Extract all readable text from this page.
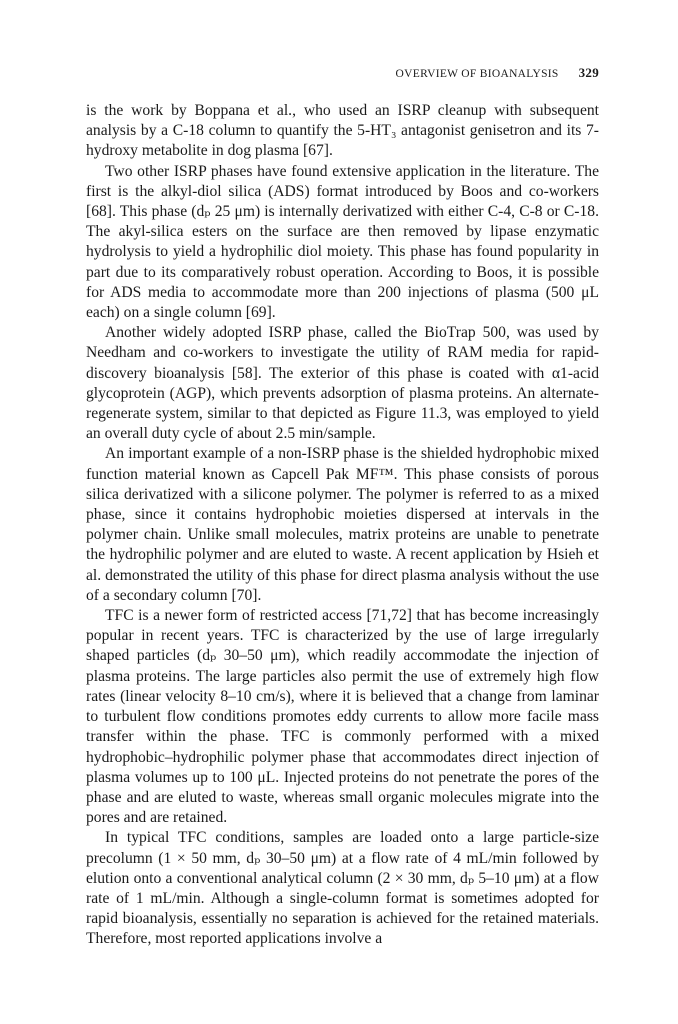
OVERVIEW OF BIOANALYSIS 329

is the work by Boppana et al., who used an ISRP cleanup with subsequent analysis by a C-18 column to quantify the 5-HT₃ antagonist genisetron and its 7-hydroxy metabolite in dog plasma [67].

Two other ISRP phases have found extensive application in the literature. The first is the alkyl-diol silica (ADS) format introduced by Boos and co-workers [68]. This phase (dₚ 25 μm) is internally derivatized with either C-4, C-8 or C-18. The akyl-silica esters on the surface are then removed by lipase enzymatic hydrolysis to yield a hydrophilic diol moiety. This phase has found popularity in part due to its comparatively robust operation. According to Boos, it is possible for ADS media to accommodate more than 200 injections of plasma (500 μL each) on a single column [69].

Another widely adopted ISRP phase, called the BioTrap 500, was used by Needham and co-workers to investigate the utility of RAM media for rapid-discovery bioanalysis [58]. The exterior of this phase is coated with α1-acid glycoprotein (AGP), which prevents adsorption of plasma proteins. An alternate-regenerate system, similar to that depicted as Figure 11.3, was employed to yield an overall duty cycle of about 2.5 min/sample.

An important example of a non-ISRP phase is the shielded hydrophobic mixed function material known as Capcell Pak MF™. This phase consists of porous silica derivatized with a silicone polymer. The polymer is referred to as a mixed phase, since it contains hydrophobic moieties dispersed at intervals in the polymer chain. Unlike small molecules, matrix proteins are unable to penetrate the hydrophilic polymer and are eluted to waste. A recent application by Hsieh et al. demonstrated the utility of this phase for direct plasma analysis without the use of a secondary column [70].

TFC is a newer form of restricted access [71,72] that has become increasingly popular in recent years. TFC is characterized by the use of large irregularly shaped particles (dₚ 30–50 μm), which readily accommodate the injection of plasma proteins. The large particles also permit the use of extremely high flow rates (linear velocity 8–10 cm/s), where it is believed that a change from laminar to turbulent flow conditions promotes eddy currents to allow more facile mass transfer within the phase. TFC is commonly performed with a mixed hydrophobic–hydrophilic polymer phase that accommodates direct injection of plasma volumes up to 100 μL. Injected proteins do not penetrate the pores of the phase and are eluted to waste, whereas small organic molecules migrate into the pores and are retained.

In typical TFC conditions, samples are loaded onto a large particle-size precolumn (1 × 50 mm, dₚ 30–50 μm) at a flow rate of 4 mL/min followed by elution onto a conventional analytical column (2 × 30 mm, dₚ 5–10 μm) at a flow rate of 1 mL/min. Although a single-column format is sometimes adopted for rapid bioanalysis, essentially no separation is achieved for the retained materials. Therefore, most reported applications involve a
